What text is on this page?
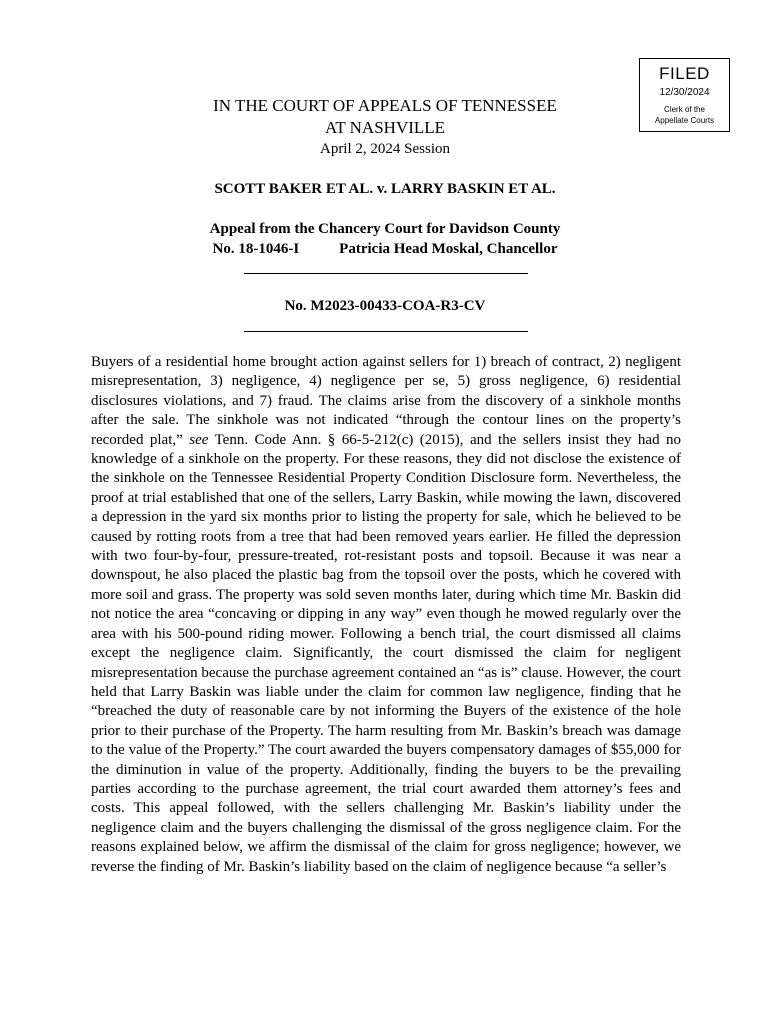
FILED
12/30/2024
Clerk of the
Appellate Courts
IN THE COURT OF APPEALS OF TENNESSEE
AT NASHVILLE
April 2, 2024 Session
SCOTT BAKER ET AL. v. LARRY BASKIN ET AL.
Appeal from the Chancery Court for Davidson County
No. 18-1046-I	Patricia Head Moskal, Chancellor
No. M2023-00433-COA-R3-CV

Buyers of a residential home brought action against sellers for 1) breach of contract, 2) negligent misrepresentation, 3) negligence, 4) negligence per se, 5) gross negligence, 6) residential disclosures violations, and 7) fraud. The claims arise from the discovery of a sinkhole months after the sale. The sinkhole was not indicated “through the contour lines on the property’s recorded plat,” see Tenn. Code Ann. § 66-5-212(c) (2015), and the sellers insist they had no knowledge of a sinkhole on the property. For these reasons, they did not disclose the existence of the sinkhole on the Tennessee Residential Property Condition Disclosure form. Nevertheless, the proof at trial established that one of the sellers, Larry Baskin, while mowing the lawn, discovered a depression in the yard six months prior to listing the property for sale, which he believed to be caused by rotting roots from a tree that had been removed years earlier. He filled the depression with two four-by-four, pressure-treated, rot-resistant posts and topsoil. Because it was near a downspout, he also placed the plastic bag from the topsoil over the posts, which he covered with more soil and grass. The property was sold seven months later, during which time Mr. Baskin did not notice the area “concaving or dipping in any way” even though he mowed regularly over the area with his 500-pound riding mower. Following a bench trial, the court dismissed all claims except the negligence claim. Significantly, the court dismissed the claim for negligent misrepresentation because the purchase agreement contained an “as is” clause. However, the court held that Larry Baskin was liable under the claim for common law negligence, finding that he “breached the duty of reasonable care by not informing the Buyers of the existence of the hole prior to their purchase of the Property. The harm resulting from Mr. Baskin’s breach was damage to the value of the Property.” The court awarded the buyers compensatory damages of $55,000 for the diminution in value of the property. Additionally, finding the buyers to be the prevailing parties according to the purchase agreement, the trial court awarded them attorney’s fees and costs. This appeal followed, with the sellers challenging Mr. Baskin’s liability under the negligence claim and the buyers challenging the dismissal of the gross negligence claim. For the reasons explained below, we affirm the dismissal of the claim for gross negligence; however, we reverse the finding of Mr. Baskin’s liability based on the claim of negligence because “a seller’s
